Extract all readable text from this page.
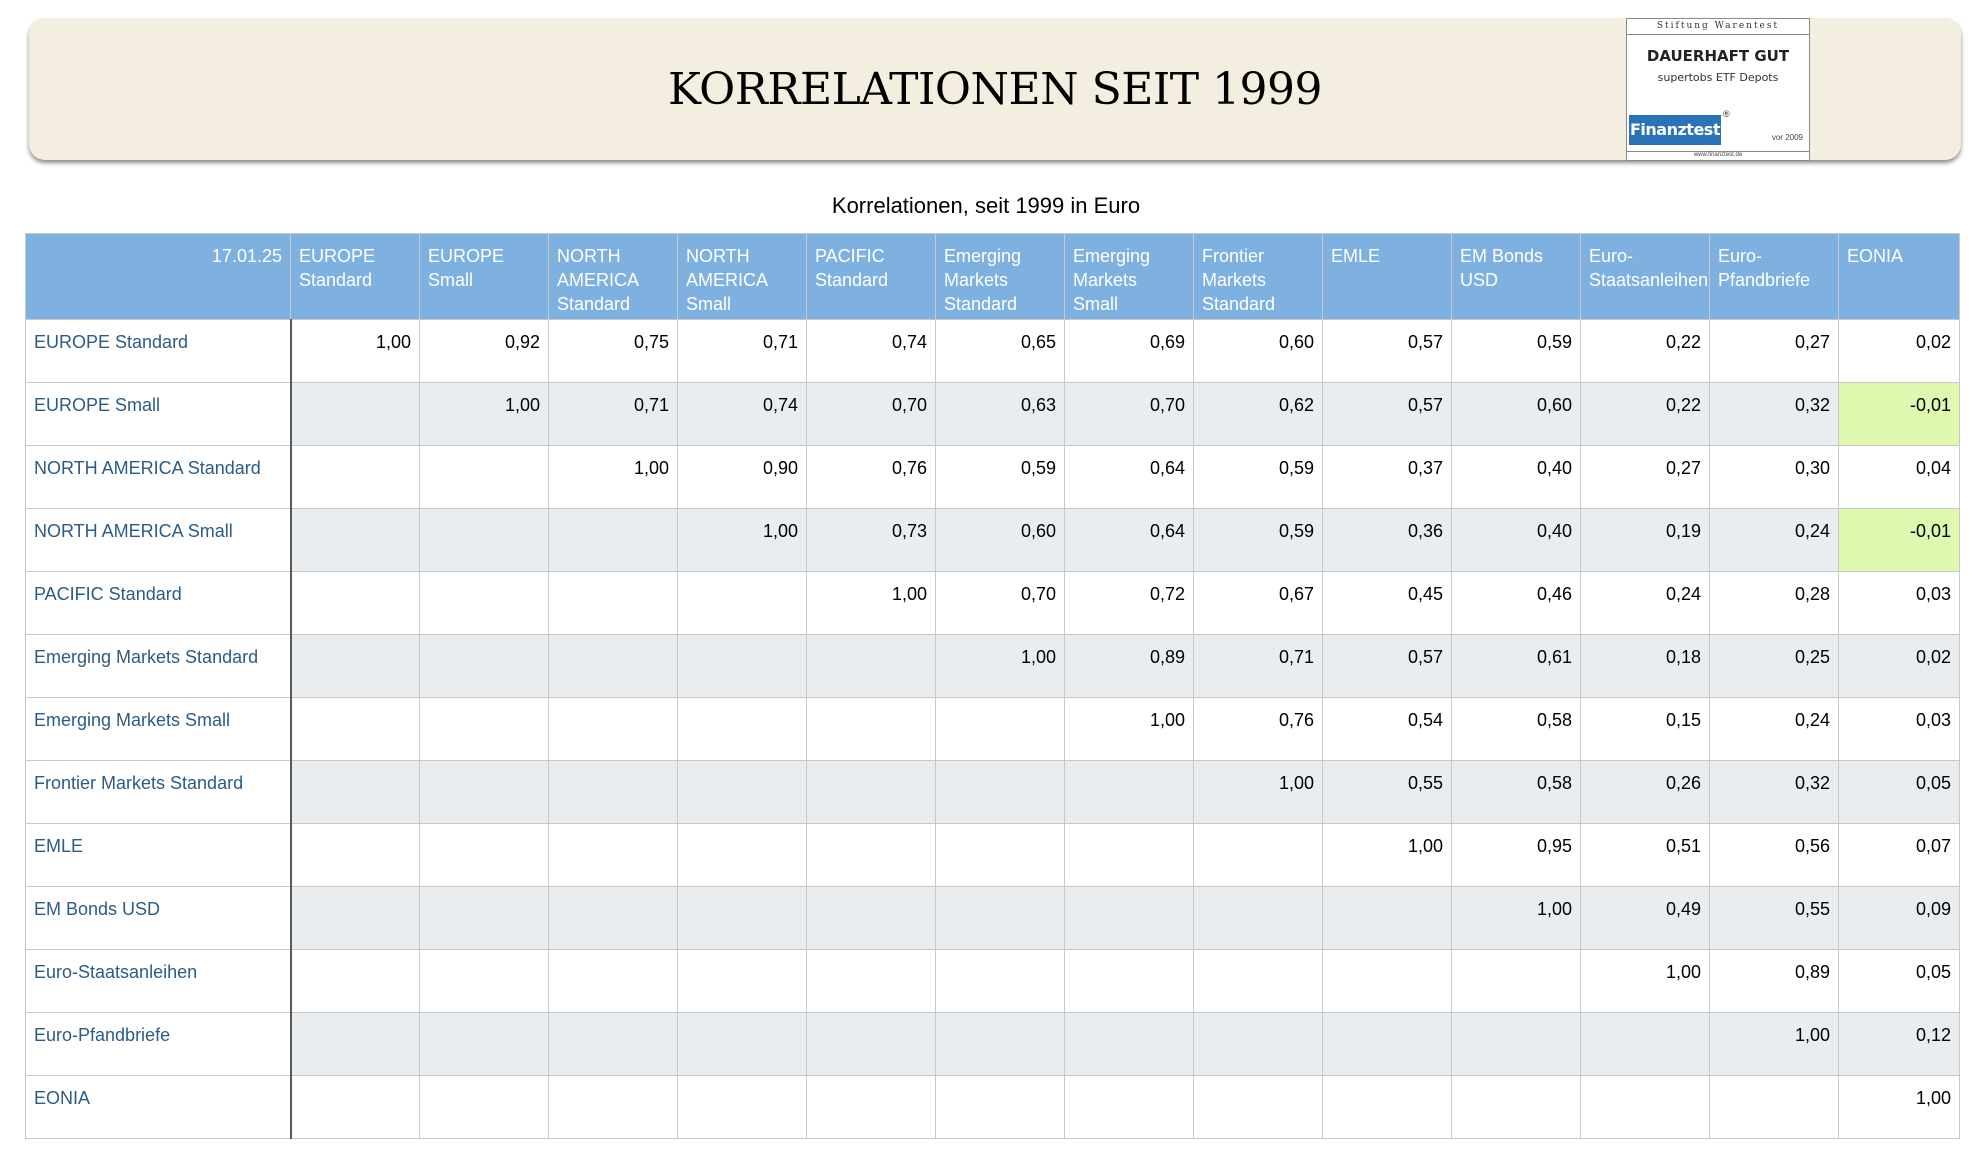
KORRELATIONEN SEIT 1999
Stiftung Warentest
DAUERHAFT GUT
supertobs ETF Depots
Finanztest
®
vor 2009
www.finanztest.de
Korrelationen, seit 1999 in Euro
17.01.25	EUROPE Standard	EUROPE Small	NORTH AMERICA Standard	NORTH AMERICA Small	PACIFIC Standard	Emerging Markets Standard	Emerging Markets Small	Frontier Markets Standard	EMLE	EM Bonds USD	Euro-Staatsanleihen	Euro-Pfandbriefe	EONIA
EUROPE Standard	1,00	0,92	0,75	0,71	0,74	0,65	0,69	0,60	0,57	0,59	0,22	0,27	0,02
EUROPE Small		1,00	0,71	0,74	0,70	0,63	0,70	0,62	0,57	0,60	0,22	0,32	-0,01
NORTH AMERICA Standard			1,00	0,90	0,76	0,59	0,64	0,59	0,37	0,40	0,27	0,30	0,04
NORTH AMERICA Small				1,00	0,73	0,60	0,64	0,59	0,36	0,40	0,19	0,24	-0,01
PACIFIC Standard					1,00	0,70	0,72	0,67	0,45	0,46	0,24	0,28	0,03
Emerging Markets Standard						1,00	0,89	0,71	0,57	0,61	0,18	0,25	0,02
Emerging Markets Small							1,00	0,76	0,54	0,58	0,15	0,24	0,03
Frontier Markets Standard								1,00	0,55	0,58	0,26	0,32	0,05
EMLE									1,00	0,95	0,51	0,56	0,07
EM Bonds USD										1,00	0,49	0,55	0,09
Euro-Staatsanleihen											1,00	0,89	0,05
Euro-Pfandbriefe												1,00	0,12
EONIA													1,00
